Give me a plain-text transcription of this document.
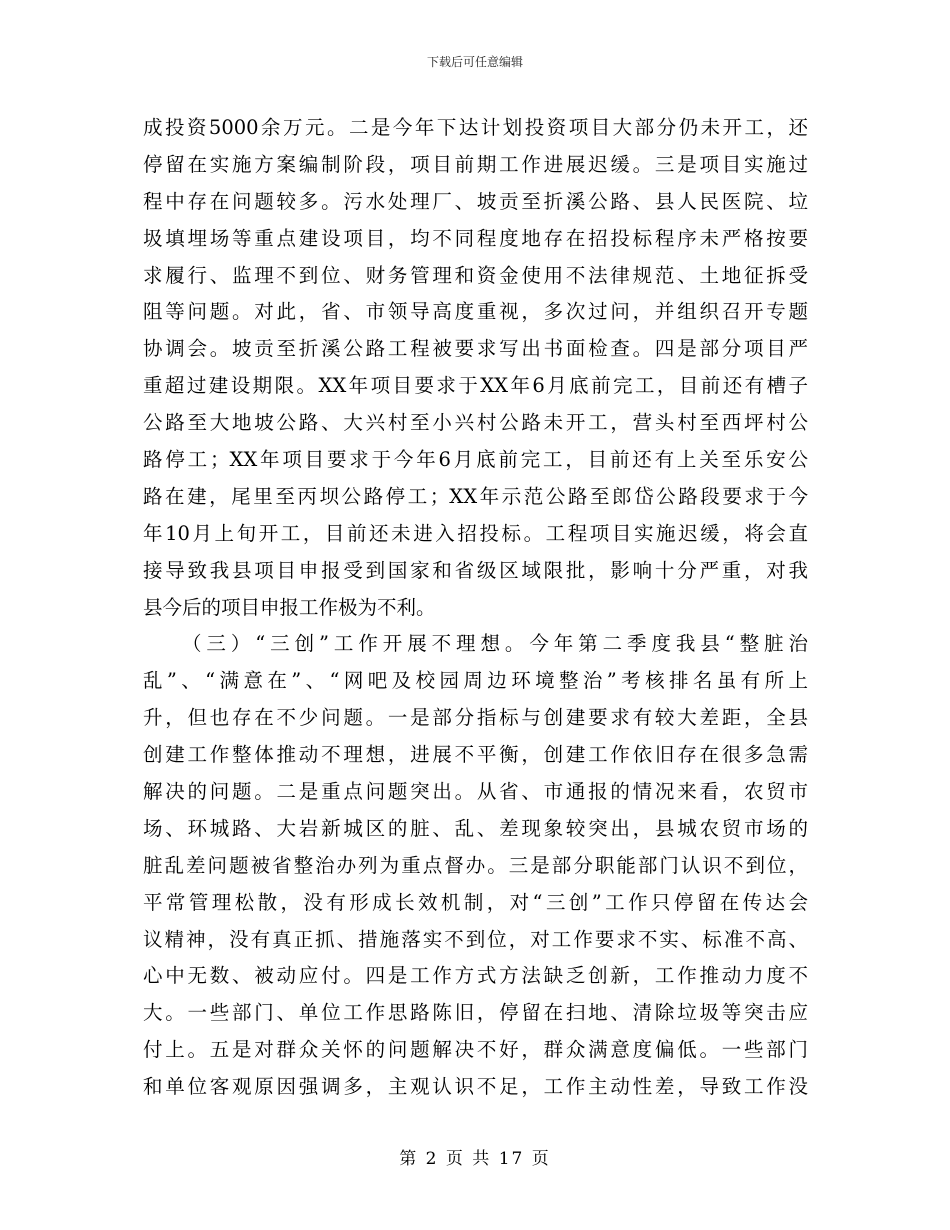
下载后可任意编辑

成投资5000余万元。二是今年下达计划投资项目大部分仍未开工，还
停留在实施方案编制阶段，项目前期工作进展迟缓。三是项目实施过
程中存在问题较多。污水处理厂、坡贡至折溪公路、县人民医院、垃
圾填埋场等重点建设项目，均不同程度地存在招投标程序未严格按要
求履行、监理不到位、财务管理和资金使用不法律规范、土地征拆受
阻等问题。对此，省、市领导高度重视，多次过问，并组织召开专题
协调会。坡贡至折溪公路工程被要求写出书面检查。四是部分项目严
重超过建设期限。XX年项目要求于XX年6月底前完工，目前还有槽子
公路至大地坡公路、大兴村至小兴村公路未开工，营头村至西坪村公
路停工；XX年项目要求于今年6月底前完工，目前还有上关至乐安公
路在建，尾里至丙坝公路停工；XX年示范公路至郎岱公路段要求于今
年10月上旬开工，目前还未进入招投标。工程项目实施迟缓，将会直
接导致我县项目申报受到国家和省级区域限批，影响十分严重，对我
县今后的项目申报工作极为不利。

（三）“三创”工作开展不理想。今年第二季度我县“整脏治
乱”、“满意在”、“网吧及校园周边环境整治”考核排名虽有所上
升，但也存在不少问题。一是部分指标与创建要求有较大差距，全县
创建工作整体推动不理想，进展不平衡，创建工作依旧存在很多急需
解决的问题。二是重点问题突出。从省、市通报的情况来看，农贸市
场、环城路、大岩新城区的脏、乱、差现象较突出，县城农贸市场的
脏乱差问题被省整治办列为重点督办。三是部分职能部门认识不到位，
平常管理松散，没有形成长效机制，对“三创”工作只停留在传达会
议精神，没有真正抓、措施落实不到位，对工作要求不实、标准不高、
心中无数、被动应付。四是工作方式方法缺乏创新，工作推动力度不
大。一些部门、单位工作思路陈旧，停留在扫地、清除垃圾等突击应
付上。五是对群众关怀的问题解决不好，群众满意度偏低。一些部门
和单位客观原因强调多，主观认识不足，工作主动性差，导致工作没

第 2 页 共 17 页
